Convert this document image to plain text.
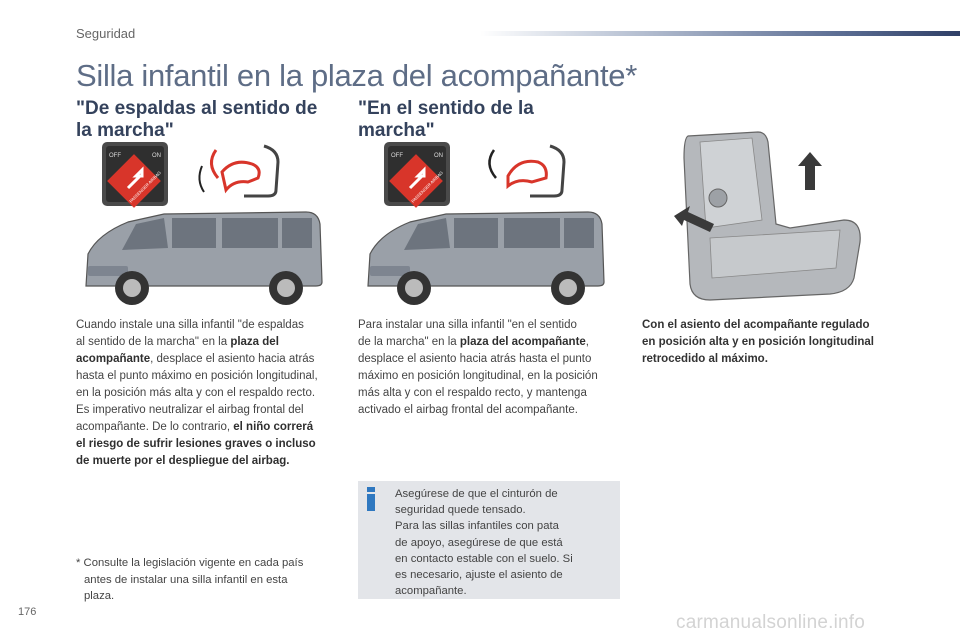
Seguridad
Silla infantil en la plaza del acompañante*
"De espaldas al sentido de
la marcha"
"En el sentido de la
marcha"
OFF	ON
PASSENGER AIRBAG
OFF	ON
PASSENGER AIRBAG
Cuando instale una silla infantil "de espaldas
al sentido de la marcha" en la plaza del
acompañante, desplace el asiento hacia atrás
hasta el punto máximo en posición longitudinal,
en la posición más alta y con el respaldo recto.
Es imperativo neutralizar el airbag frontal del
acompañante. De lo contrario, el niño correrá
el riesgo de sufrir lesiones graves o incluso
de muerte por el despliegue del airbag.
Para instalar una silla infantil "en el sentido
de la marcha" en la plaza del acompañante,
desplace el asiento hacia atrás hasta el punto
máximo en posición longitudinal, en la posición
más alta y con el respaldo recto, y mantenga
activado el airbag frontal del acompañante.
Con el asiento del acompañante regulado
en posición alta y en posición longitudinal
retrocedido al máximo.
Asegúrese de que el cinturón de
seguridad quede tensado.
Para las sillas infantiles con pata
de apoyo, asegúrese de que está
en contacto estable con el suelo. Si
es necesario, ajuste el asiento de
acompañante.
* Consulte la legislación vigente en cada país
antes de instalar una silla infantil en esta
plaza.
176	carmanualsonline.info
